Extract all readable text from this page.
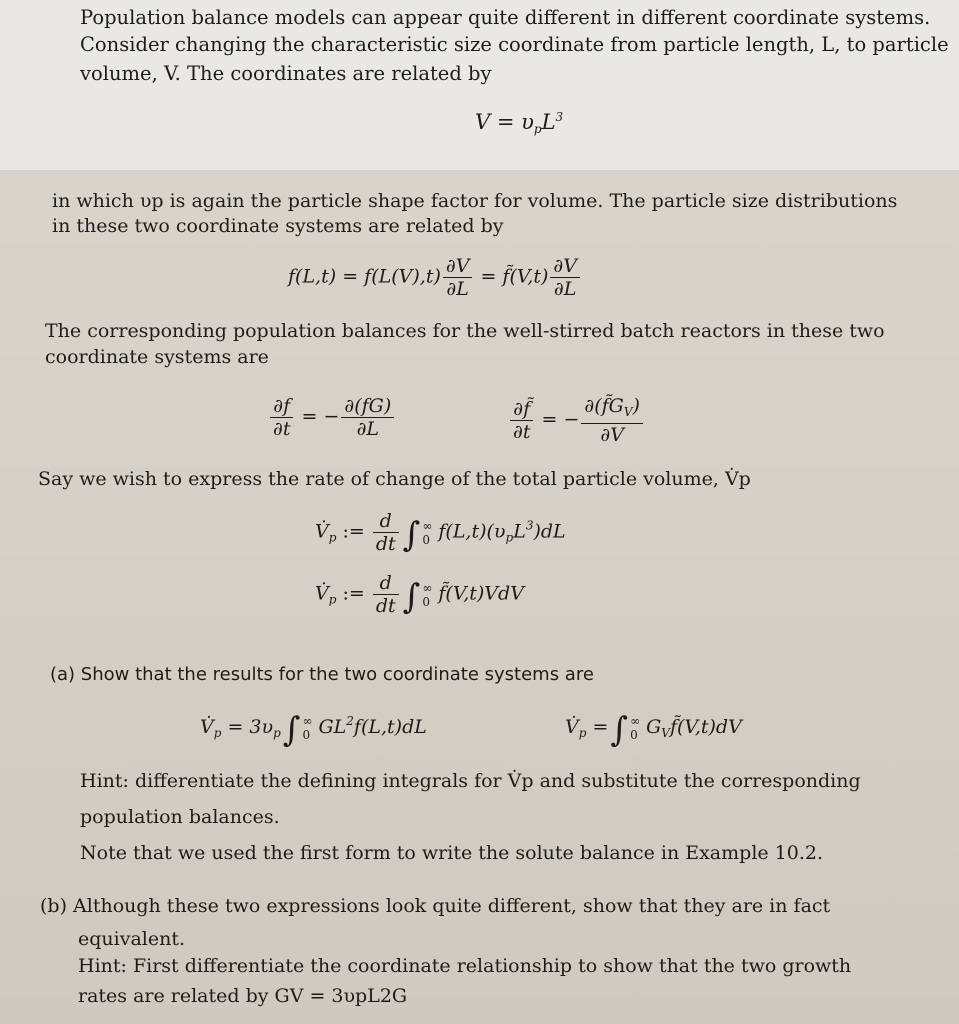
Population balance models can appear quite different in different coordinate systems.
Consider changing the characteristic size coordinate from particle length, L, to particle
volume, V. The coordinates are related by
$V = \upsilon_pL^3$
in which υp is again the particle shape factor for volume. The particle size distributions
in these two coordinate systems are related by
$f(L,t) = f(L(V),t) \frac{\partial V}{\partial L}$ = f̃(V,t) $\frac{\partial V}{\partial L}$
The corresponding population balances for the well-stirred batch reactors in these two
coordinate systems are
$\frac{\partial f}{\partial t}$ = − $\frac{\partial(fG)}{\partial L}$	$\frac{\partial f̃}{\partial t}$ = − $\frac{\partial(f̃G_V)}{\partial V}$
Say we wish to express the rate of change of the total particle volume, V̇p
$V̇_p$ := $\frac{d}{dt}$ ∫ ∞
0 $f(L,t)(\upsilon_pL^3)dL$
$V̇_p$ := $\frac{d}{dt}$ ∫ ∞
0 f̃(V,t)VdV
(a) Show that the results for the two coordinate systems are
$V̇_p = 3\upsilon_p\int$ ∞
0 $GL^2f(L,t)dL$	$V̇_p$ =∫ ∞
0 $G_Vf̃(V,t)dV$
Hint: differentiate the defining integrals for V̇p and substitute the corresponding
population balances.
Note that we used the first form to write the solute balance in Example 10.2.
(b) Although these two expressions look quite different, show that they are in fact
equivalent.
Hint: First differentiate the coordinate relationship to show that the two growth
rates are related by GV = 3υpL2G
